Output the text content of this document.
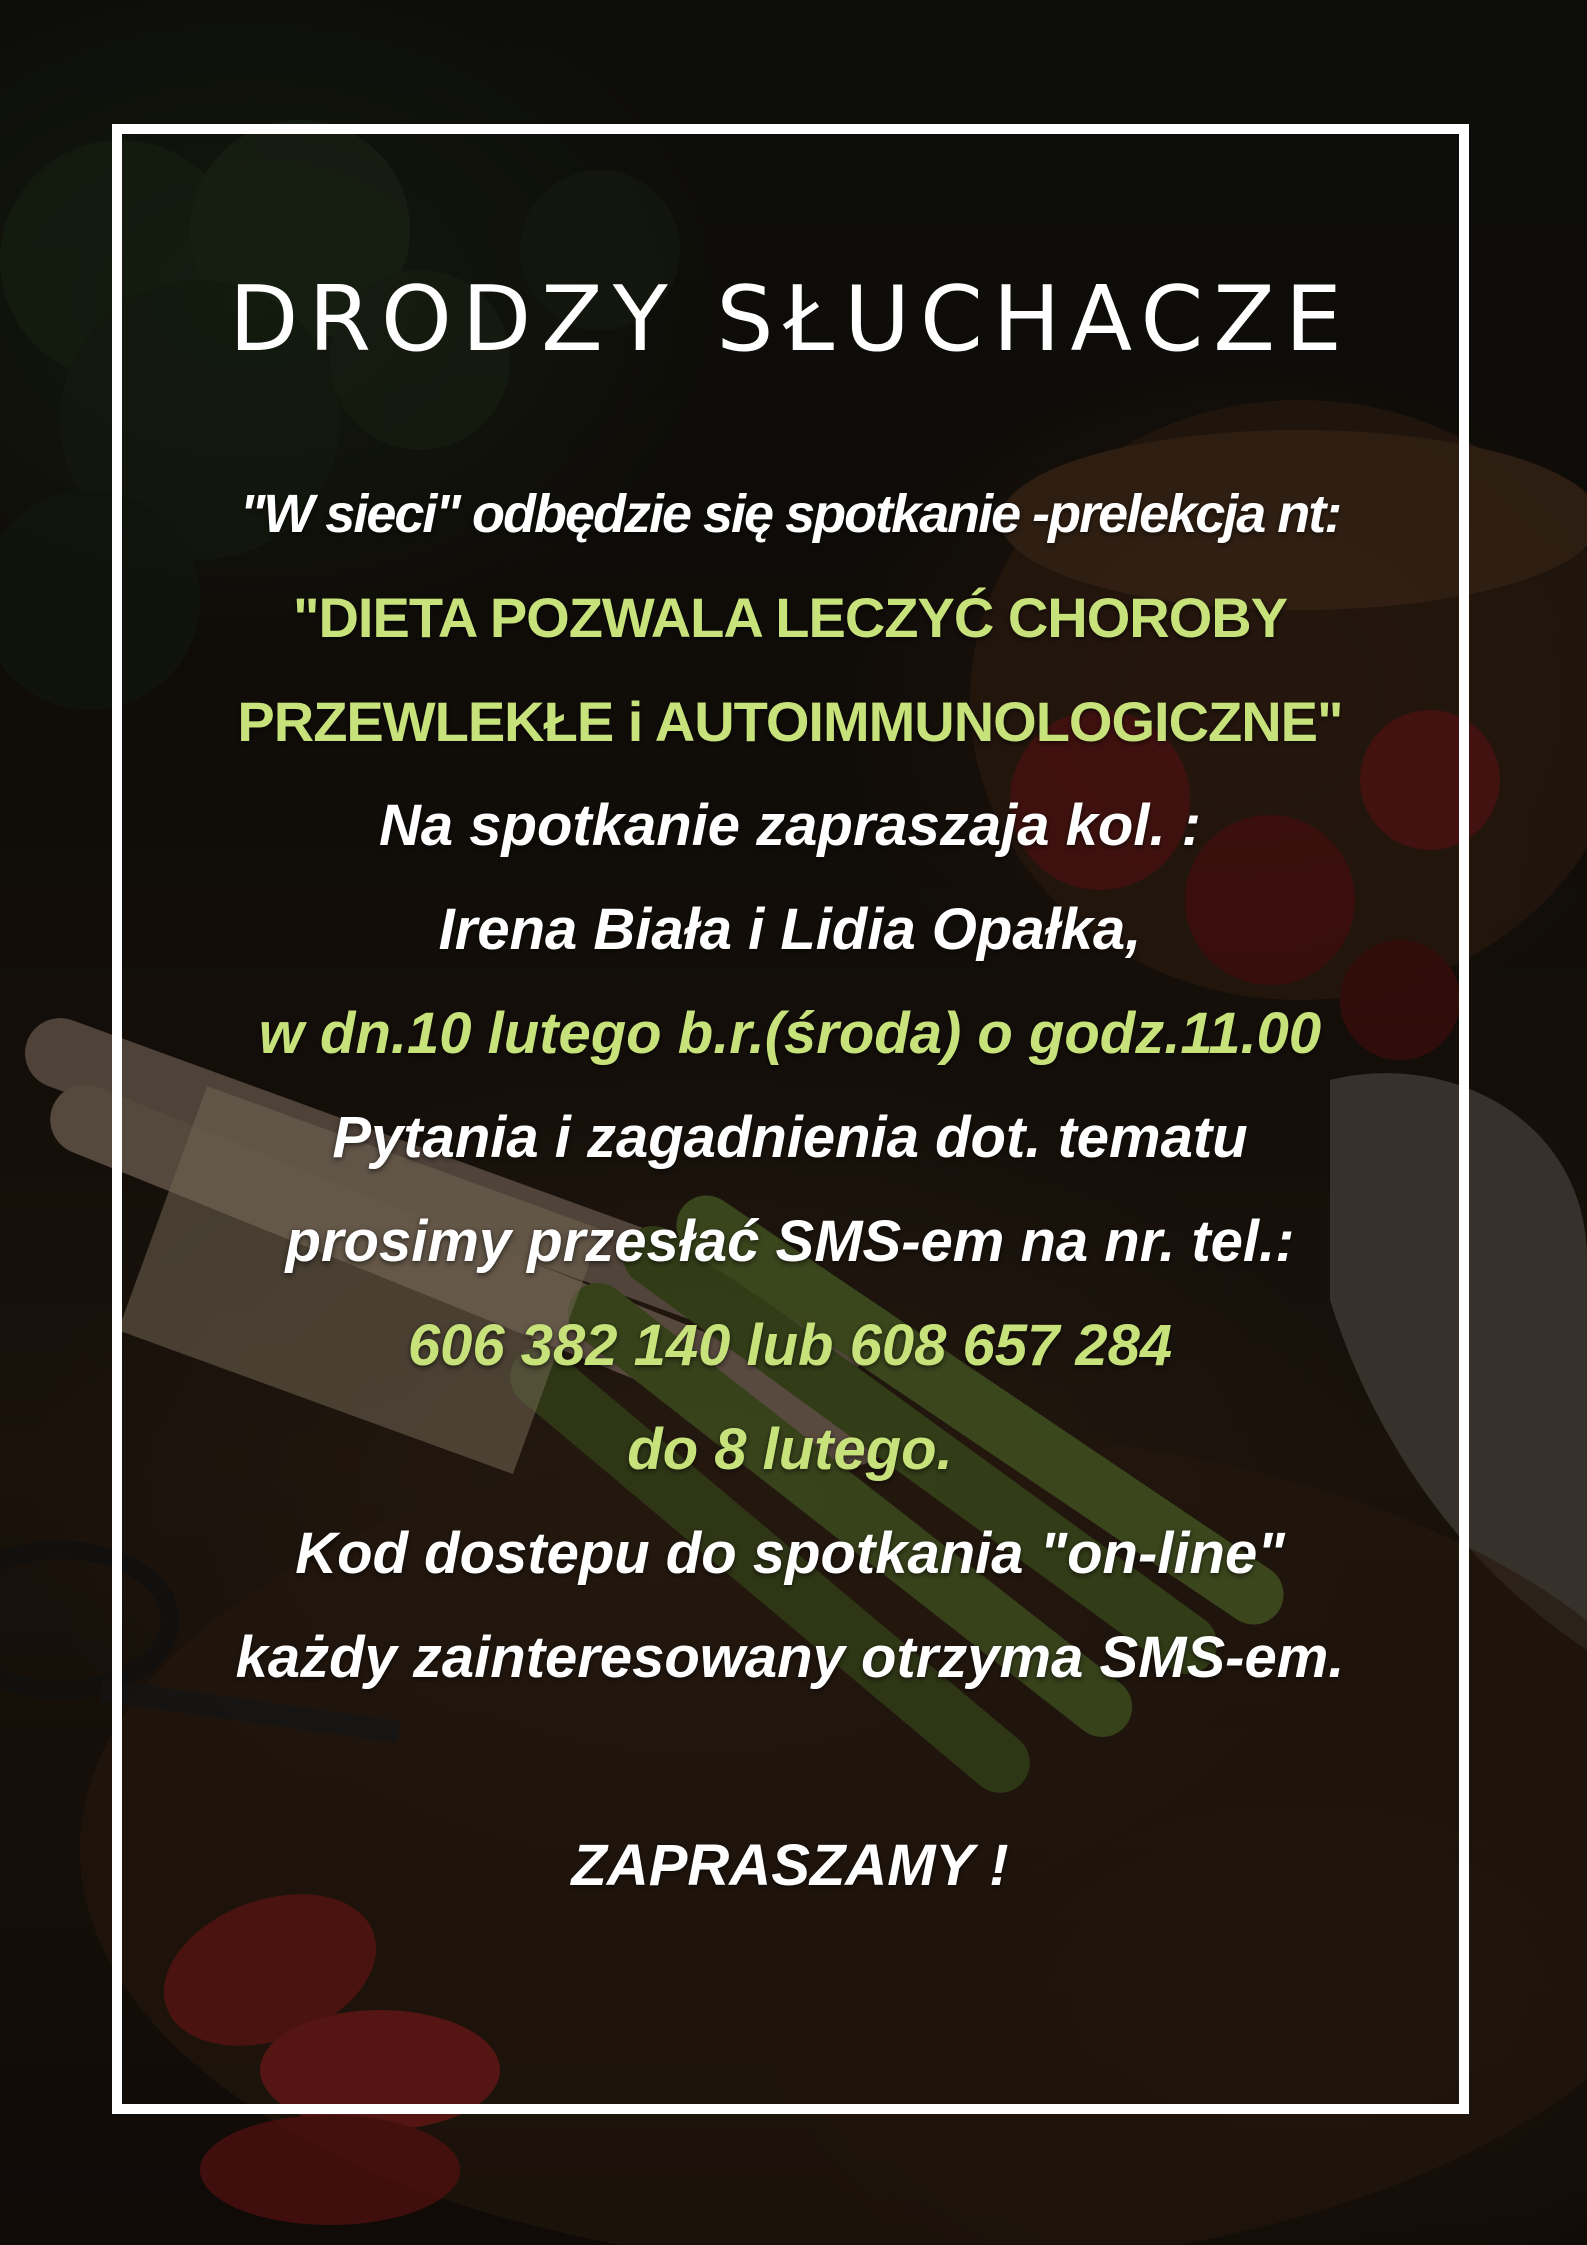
DRODZY SŁUCHACZE
"W sieci" odbędzie się spotkanie -prelekcja nt:
"DIETA POZWALA LECZYĆ CHOROBY
PRZEWLEKŁE i AUTOIMMUNOLOGICZNE"
Na spotkanie zapraszaja kol. :
Irena Biała i Lidia Opałka,
w dn.10 lutego b.r.(środa) o godz.11.00
Pytania i zagadnienia dot. tematu
prosimy przesłać SMS-em na nr. tel.:
606 382 140 lub 608 657 284
do 8 lutego.
Kod dostepu do spotkania "on-line"
każdy zainteresowany otrzyma SMS-em.
ZAPRASZAMY !
